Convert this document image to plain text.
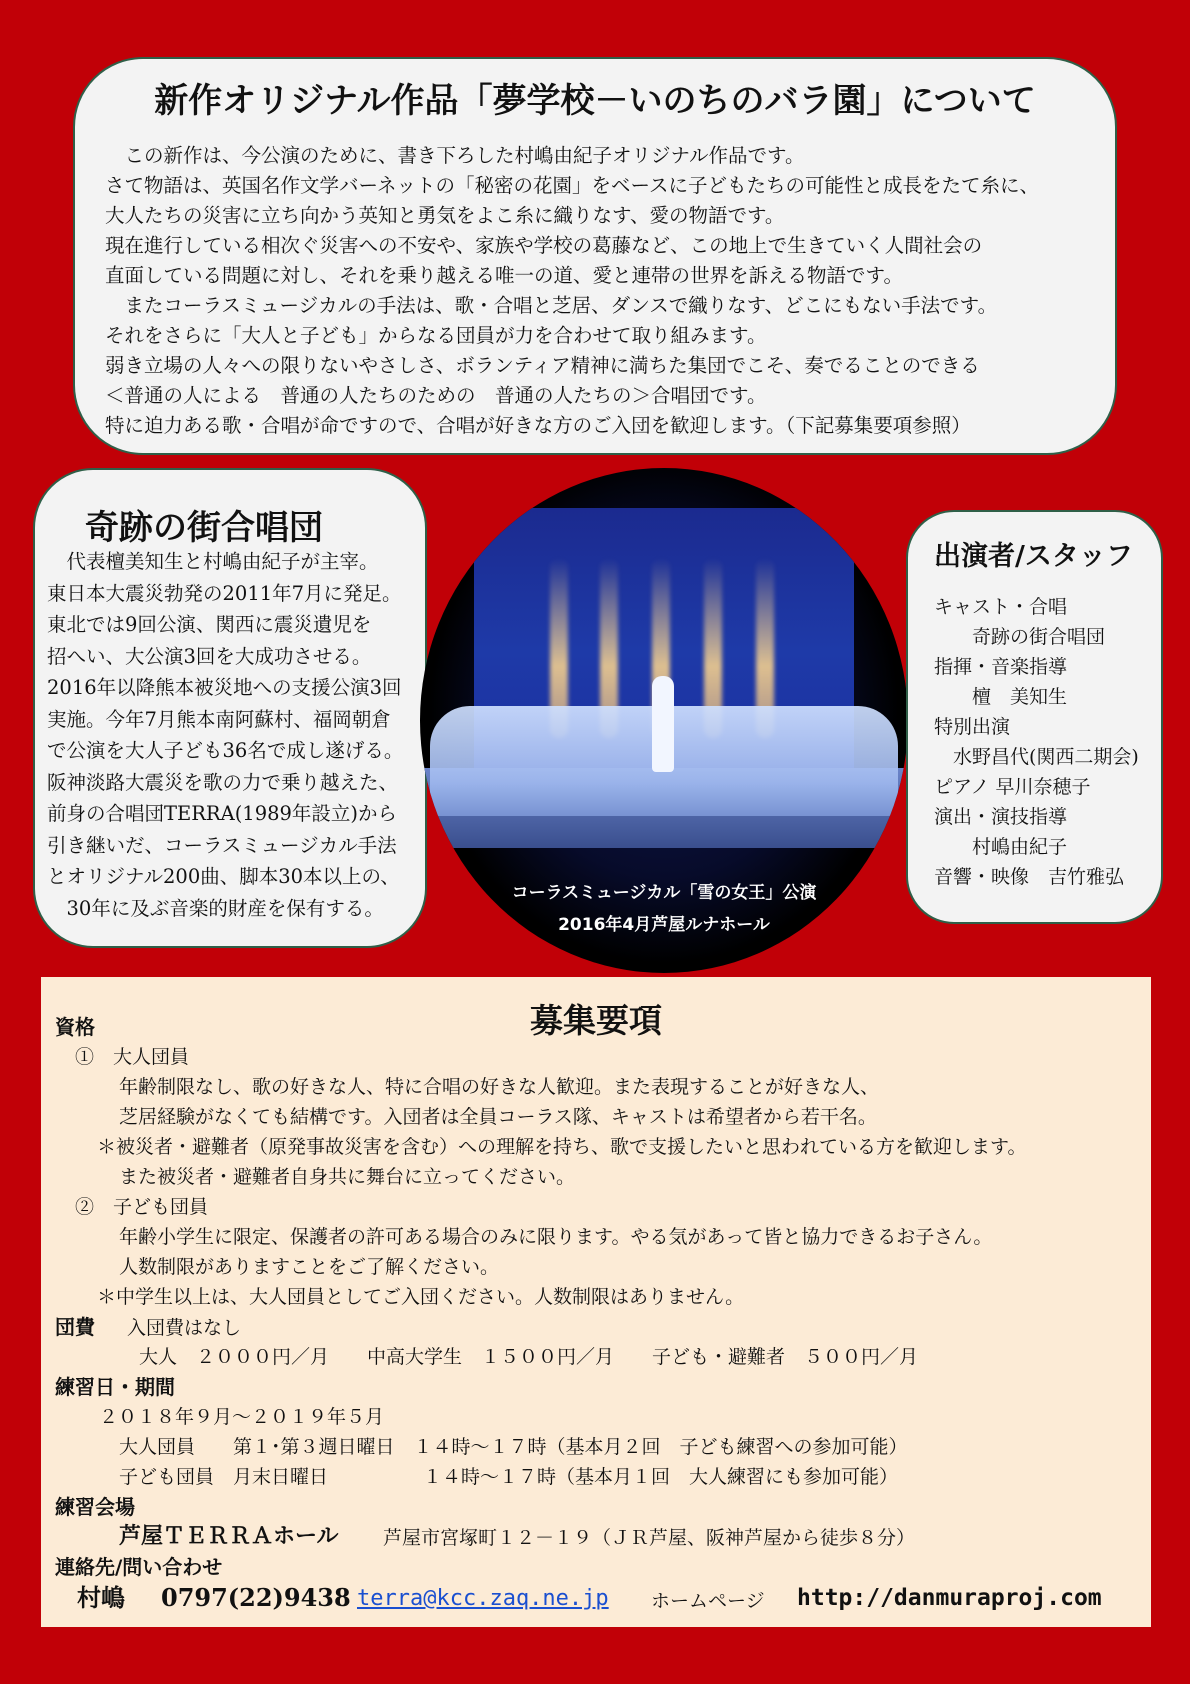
新作オリジナル作品「夢学校－いのちのバラ園」について
　この新作は、今公演のために、書き下ろした村嶋由紀子オリジナル作品です。
さて物語は、英国名作文学バーネットの「秘密の花園」をベースに子どもたちの可能性と成長をたて糸に、
大人たちの災害に立ち向かう英知と勇気をよこ糸に織りなす、愛の物語です。
現在進行している相次ぐ災害への不安や、家族や学校の葛藤など、この地上で生きていく人間社会の
直面している問題に対し、それを乗り越える唯一の道、愛と連帯の世界を訴える物語です。
　またコーラスミュージカルの手法は、歌・合唱と芝居、ダンスで織りなす、どこにもない手法です。
それをさらに「大人と子ども」からなる団員が力を合わせて取り組みます。
弱き立場の人々への限りないやさしさ、ボランティア精神に満ちた集団でこそ、奏でることのできる
＜普通の人による　普通の人たちのための　普通の人たちの＞合唱団です。
特に迫力ある歌・合唱が命ですので、合唱が好きな方のご入団を歓迎します。（下記募集要項参照）
奇跡の街合唱団
　代表檀美知生と村嶋由紀子が主宰。
東日本大震災勃発の2011年7月に発足。
東北では9回公演、関西に震災遺児を
招へい、大公演3回を大成功させる。
2016年以降熊本被災地への支援公演3回
実施。今年7月熊本南阿蘇村、福岡朝倉
で公演を大人子ども36名で成し遂げる。
阪神淡路大震災を歌の力で乗り越えた、
前身の合唱団TERRA(1989年設立)から
引き継いだ、コーラスミュージカル手法
とオリジナル200曲、脚本30本以上の、
　30年に及ぶ音楽的財産を保有する。
コーラスミュージカル「雪の女王」公演
2016年4月芦屋ルナホール
出演者/スタッフ
キャスト・合唱
　　奇跡の街合唱団
指揮・音楽指導
　　檀　美知生
特別出演
　水野昌代(関西二期会)
ピアノ 早川奈穂子
演出・演技指導
　　村嶋由紀子
音響・映像　吉竹雅弘
募集要項
資格
①　大人団員
年齢制限なし、歌の好きな人、特に合唱の好きな人歓迎。また表現することが好きな人、
芝居経験がなくても結構です。入団者は全員コーラス隊、キャストは希望者から若干名。
＊被災者・避難者（原発事故災害を含む）への理解を持ち、歌で支援したいと思われている方を歓迎します。
また被災者・避難者自身共に舞台に立ってください。
②　子ども団員
年齢小学生に限定、保護者の許可ある場合のみに限ります。やる気があって皆と協力できるお子さん。
人数制限がありますことをご了解ください。
＊中学生以上は、大人団員としてご入団ください。人数制限はありません。
団費 入団費はなし
大人　２０００円／月　　中高大学生　１５００円／月　　子ども・避難者　５００円／月
練習日・期間
２０１８年９月～２０１９年５月
大人団員　　第１･第３週日曜日　１４時～１７時（基本月２回　子ども練習への参加可能）
子ども団員　月末日曜日　　　　　１４時～１７時（基本月１回　大人練習にも参加可能）
練習会場
芦屋ＴＥＲＲＡホール 芦屋市宮塚町１２－１９（ＪＲ芦屋、阪神芦屋から徒歩８分）
連絡先/問い合わせ
村嶋 0797(22)9438 terra@kcc.zaq.ne.jp ホームページ http://danmuraproj.com
